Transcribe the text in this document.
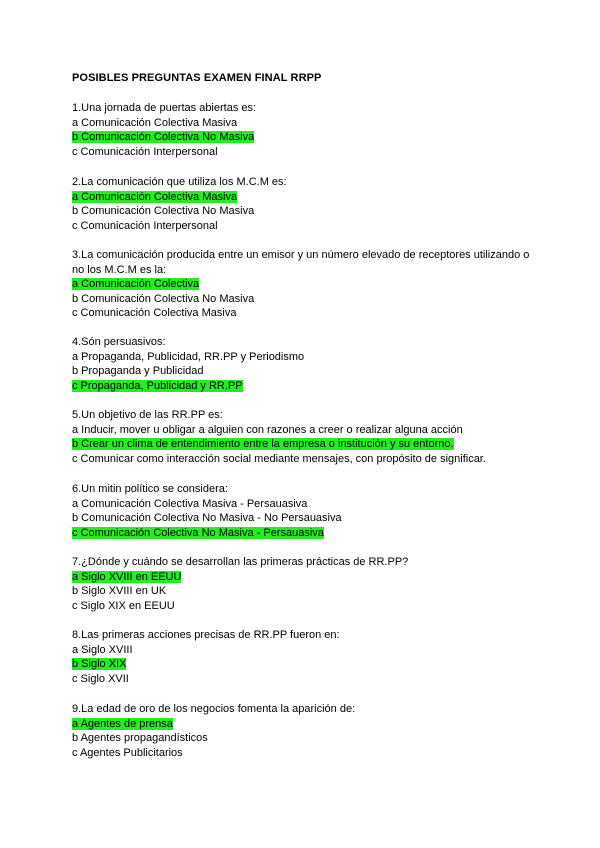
POSIBLES PREGUNTAS EXAMEN FINAL RRPP
1.Una jornada de puertas abiertas es:
a Comunicación Colectiva Masiva
b Comunicación Colectiva No Masiva
c Comunicación Interpersonal
2.La comunicación que utiliza los M.C.M es:
a Comunicación Colectiva Masiva
b Comunicación Colectiva No Masiva
c Comunicación Interpersonal
3.La comunicación producida entre un emisor y un número elevado de receptores utilizando o no los M.C.M es la:
a Comunicación Colectiva
b Comunicación Colectiva No Masiva
c Comunicación Colectiva Masiva
4.Són persuasivos:
a Propaganda, Publicidad, RR.PP y Periodismo
b Propaganda y Publicidad
c Propaganda, Publicidad y RR.PP
5.Un objetivo de las RR.PP es:
a Inducir, mover u obligar a alguien con razones a creer o realizar alguna acción
b Crear un clima de entendimiento entre la empresa o institución y su entorno.
c Comunicar como interacción social mediante mensajes, con propósito de significar.
6.Un mitin político se considera:
a Comunicación Colectiva Masiva - Persauasiva
b Comunicación Colectiva No Masiva - No Persauasiva
c Comunicación Colectiva No Masiva - Persauasiva
7.¿Dónde y cuándo se desarrollan las primeras prácticas de RR.PP?
a Siglo XVIII en EEUU
b Siglo XVIII en UK
c Siglo XIX en EEUU
8.Las primeras acciones precisas de RR.PP fueron en:
a Siglo XVIII
b Siglo XIX
c Siglo XVII
9.La edad de oro de los negocios fomenta la aparición de:
a Agentes de prensa
b Agentes propagandísticos
c Agentes Publicitarios
